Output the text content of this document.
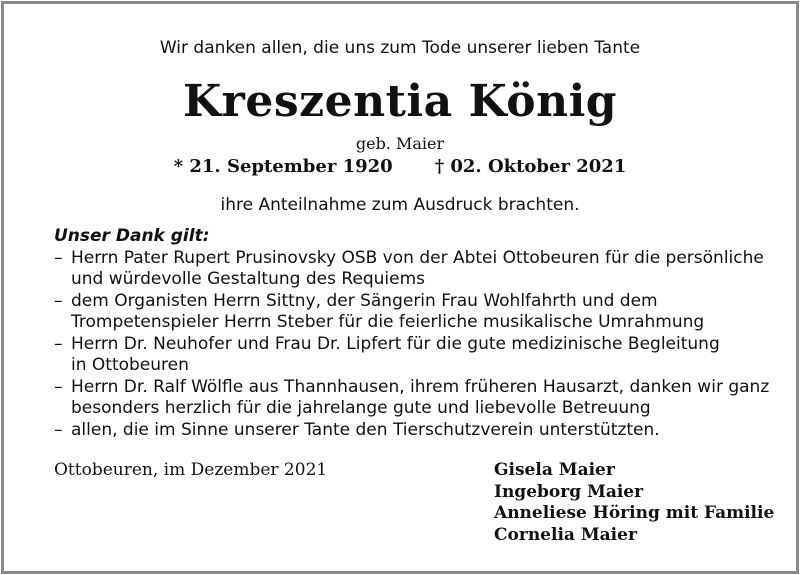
Wir danken allen, die uns zum Tode unserer lieben Tante
Kreszentia König
geb. Maier
* 21. September 1920 † 02. Oktober 2021
ihre Anteilnahme zum Ausdruck brachten.
Unser Dank gilt:
– Herrn Pater Rupert Prusinovsky OSB von der Abtei Ottobeuren für die persönliche
und würdevolle Gestaltung des Requiems
– dem Organisten Herrn Sittny, der Sängerin Frau Wohlfahrth und dem
Trompetenspieler Herrn Steber für die feierliche musikalische Umrahmung
– Herrn Dr. Neuhofer und Frau Dr. Lipfert für die gute medizinische Begleitung
in Ottobeuren
– Herrn Dr. Ralf Wölfle aus Thannhausen, ihrem früheren Hausarzt, danken wir ganz
besonders herzlich für die jahrelange gute und liebevolle Betreuung
– allen, die im Sinne unserer Tante den Tierschutzverein unterstützten.
Ottobeuren, im Dezember 2021	Gisela Maier
Ingeborg Maier
Anneliese Höring mit Familie
Cornelia Maier
